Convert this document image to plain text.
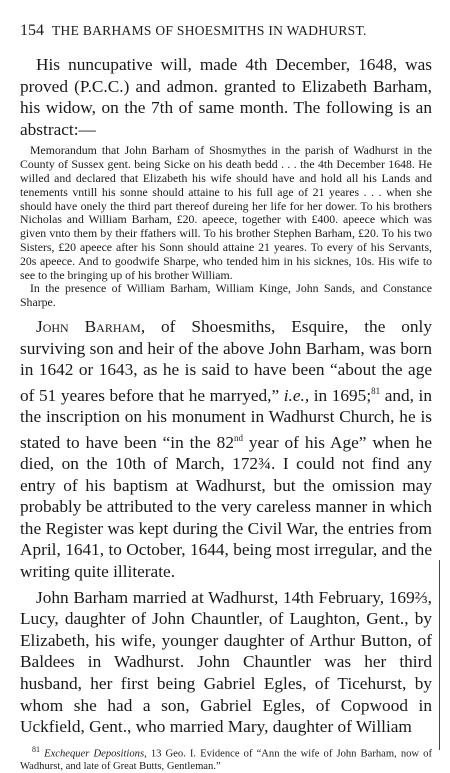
154 THE BARHAMS OF SHOESMITHS IN WADHURST.

His nuncupative will, made 4th December, 1648, was proved (P.C.C.) and admon. granted to Elizabeth Barham, his widow, on the 7th of same month. The following is an abstract:—

Memorandum that John Barham of Shosmythes in the parish of Wadhurst in the County of Sussex gent. being Sicke on his death bedd . . . the 4th December 1648. He willed and declared that Elizabeth his wife should have and hold all his Lands and tenements vntill his sonne should attaine to his full age of 21 yeares . . . when she should have onely the third part thereof dureing her life for her dower. To his brothers Nicholas and William Barham, £20. apeece, together with £400. apeece which was given vnto them by their ffathers will. To his brother Stephen Barham, £20. To his two Sisters, £20 apeece after his Sonn should attaine 21 yeares. To every of his Servants, 20s apeece. And to goodwife Sharpe, who tended him in his sicknes, 10s. His wife to see to the bringing up of his brother William.

In the presence of William Barham, William Kinge, John Sands, and Constance Sharpe.

John Barham, of Shoesmiths, Esquire, the only surviving son and heir of the above John Barham, was born in 1642 or 1643, as he is said to have been “about the age of 51 yeares before that he marryed,” i.e., in 1695;$^{81}$ and, in the inscription on his monument in Wadhurst Church, he is stated to have been “in the 82nd year of his Age” when he died, on the 10th of March, 172¾. I could not find any entry of his baptism at Wadhurst, but the omission may probably be attributed to the very careless manner in which the Register was kept during the Civil War, the entries from April, 1641, to October, 1644, being most irregular, and the writing quite illiterate.

John Barham married at Wadhurst, 14th February, 169⅔, Lucy, daughter of John Chauntler, of Laughton, Gent., by Elizabeth, his wife, younger daughter of Arthur Button, of Baldees in Wadhurst. John Chauntler was her third husband, her first being Gabriel Egles, of Ticehurst, by whom she had a son, Gabriel Egles, of Copwood in Uckfield, Gent., who married Mary, daughter of William

$^{81}$ Exchequer Depositions, 13 Geo. I. Evidence of “Ann the wife of John Barham, now of Wadhurst, and late of Great Butts, Gentleman.”
